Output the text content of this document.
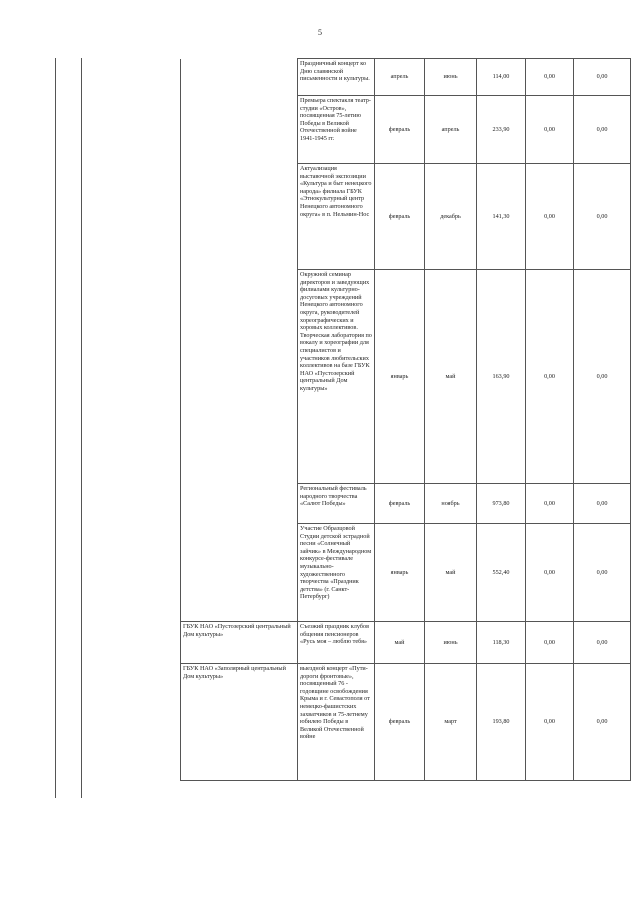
5
	Праздничный концерт ко Дню славянской письменности и культуры.	апрель	июнь	114,00	0,00	0,00
	Премьера спектакля театр-студии «Остров», посвященная 75-летию Победы в Великой Отечественной войне 1941-1945 гг.	февраль	апрель	233,90	0,00	0,00
	Актуализация выставочной экспозиции «Культура и быт ненецкого народа» филиала ГБУК «Этнокультурный центр Ненецкого автономного округа» в п. Нельмин-Нос	февраль	декабрь	141,30	0,00	0,00
	Окружной семинар директоров и заведующих филиалами культурно-досуговых учреждений Ненецкого автономного округа, руководителей хореографических и хоровых коллективов. Творческая лаборатория по вокалу и хореографии для специалистов и участников любительских коллективов на базе ГБУК НАО «Пустозерский центральный Дом культуры»	январь	май	163,90	0,00	0,00
	Региональный фестиваль народного творчества «Салют Победы»	февраль	ноябрь	973,80	0,00	0,00
	Участие Образцовой Студии детской эстрадной песни «Солнечный зайчик» в Международном конкурсе-фестивале музыкально-художественного творчества «Праздник детства» (г. Санкт-Петербург)	январь	май	552,40	0,00	0,00
ГБУК НАО «Пустозерский центральный Дом культуры»	Съезжий праздник клубов общения пенсионеров «Русь моя – люблю тебя»	май	июнь	118,30	0,00	0,00
ГБУК НАО «Заполярный центральный Дом культуры»	выездной концерт «Пути-дороги фронтовые», посвященный 76 - годовщине освобождения Крыма и г. Севастополя от немецко-фашистских захватчиков и 75-летнему юбилею Победы в Великой Отечественной войне	февраль	март	193,80	0,00	0,00
